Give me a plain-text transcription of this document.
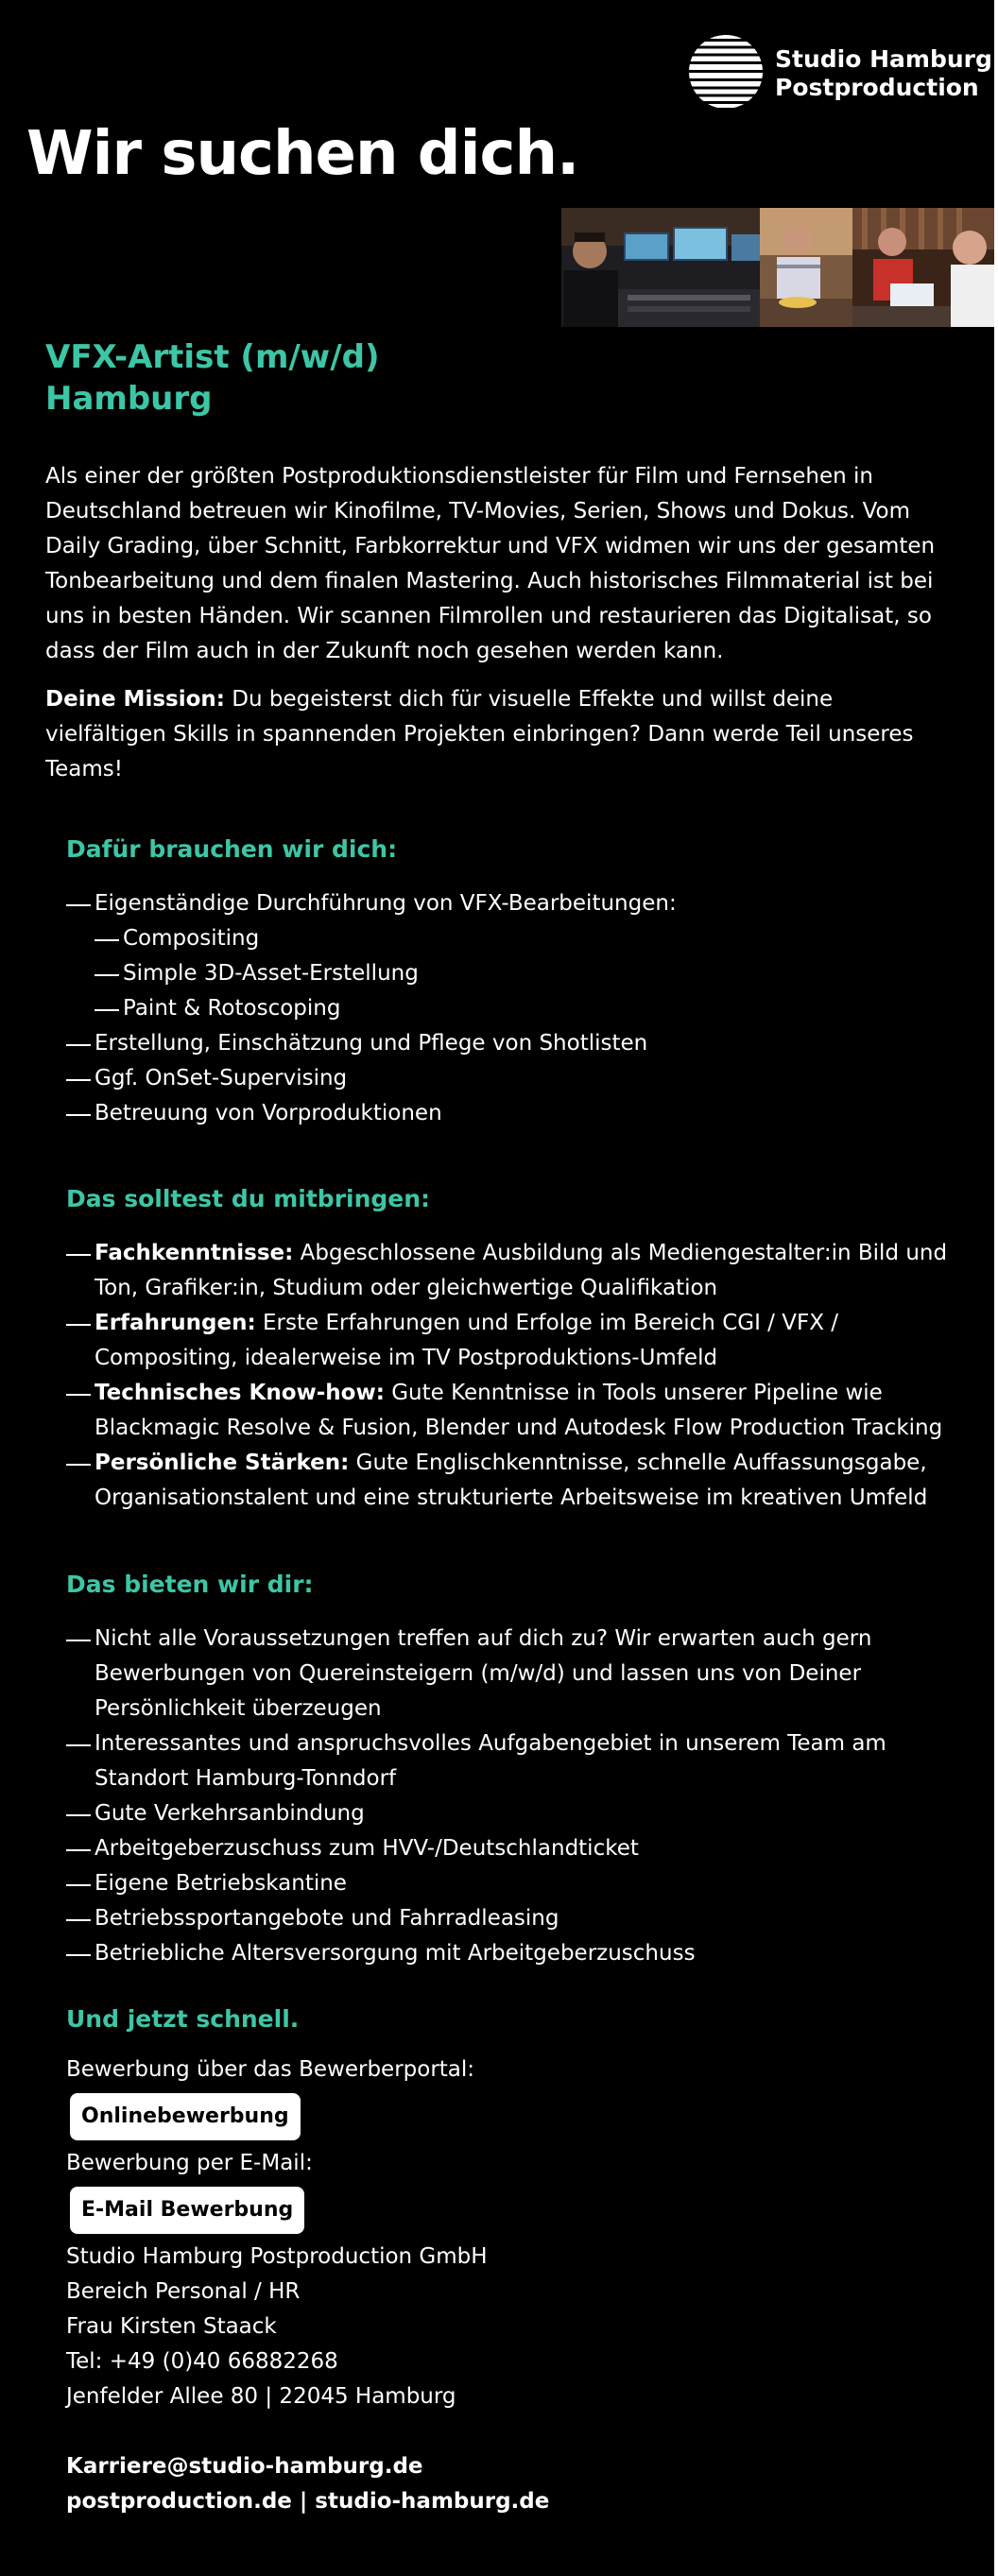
Studio Hamburg
Postproduction
Wir suchen dich.
VFX-Artist (m/w/d)
Hamburg

Als einer der größten Postproduktionsdienstleister für Film und Fernsehen in Deutschland betreuen wir Kinofilme, TV-Movies, Serien, Shows und Dokus. Vom Daily Grading, über Schnitt, Farbkorrektur und VFX widmen wir uns der gesamten Tonbearbeitung und dem finalen Mastering. Auch historisches Filmmaterial ist bei uns in besten Händen. Wir scannen Filmrollen und restaurieren das Digitalisat, so dass der Film auch in der Zukunft noch gesehen werden kann.

Deine Mission: Du begeisterst dich für visuelle Effekte und willst deine vielfältigen Skills in spannenden Projekten einbringen? Dann werde Teil unseres Teams!

Dafür brauchen wir dich:
Eigenständige Durchführung von VFX-Bearbeitungen:
Compositing
Simple 3D-Asset-Erstellung
Paint & Rotoscoping
Erstellung, Einschätzung und Pflege von Shotlisten
Ggf. OnSet-Supervising
Betreuung von Vorproduktionen
Das solltest du mitbringen:
Fachkenntnisse: Abgeschlossene Ausbildung als Mediengestalter:in Bild und Ton, Grafiker:in, Studium oder gleichwertige Qualifikation
Erfahrungen: Erste Erfahrungen und Erfolge im Bereich CGI / VFX / Compositing, idealerweise im TV Postproduktions-Umfeld
Technisches Know-how: Gute Kenntnisse in Tools unserer Pipeline wie Blackmagic Resolve & Fusion, Blender und Autodesk Flow Production Tracking
Persönliche Stärken: Gute Englischkenntnisse, schnelle Auffassungsgabe, Organisationstalent und eine strukturierte Arbeitsweise im kreativen Umfeld
Das bieten wir dir:
Nicht alle Voraussetzungen treffen auf dich zu? Wir erwarten auch gern Bewerbungen von Quereinsteigern (m/w/d) und lassen uns von Deiner Persönlichkeit überzeugen
Interessantes und anspruchsvolles Aufgabengebiet in unserem Team am Standort Hamburg-Tonndorf
Gute Verkehrsanbindung
Arbeitgeberzuschuss zum HVV-/Deutschlandticket
Eigene Betriebskantine
Betriebssportangebote und Fahrradleasing
Betriebliche Altersversorgung mit Arbeitgeberzuschuss
Und jetzt schnell.
Bewerbung über das Bewerberportal:
Onlinebewerbung
Bewerbung per E-Mail:
E-Mail Bewerbung
Studio Hamburg Postproduction GmbH
Bereich Personal / HR
Frau Kirsten Staack
Tel: +49 (0)40 66882268
Jenfelder Allee 80 | 22045 Hamburg
Karriere@studio-hamburg.de
postproduction.de | studio-hamburg.de
